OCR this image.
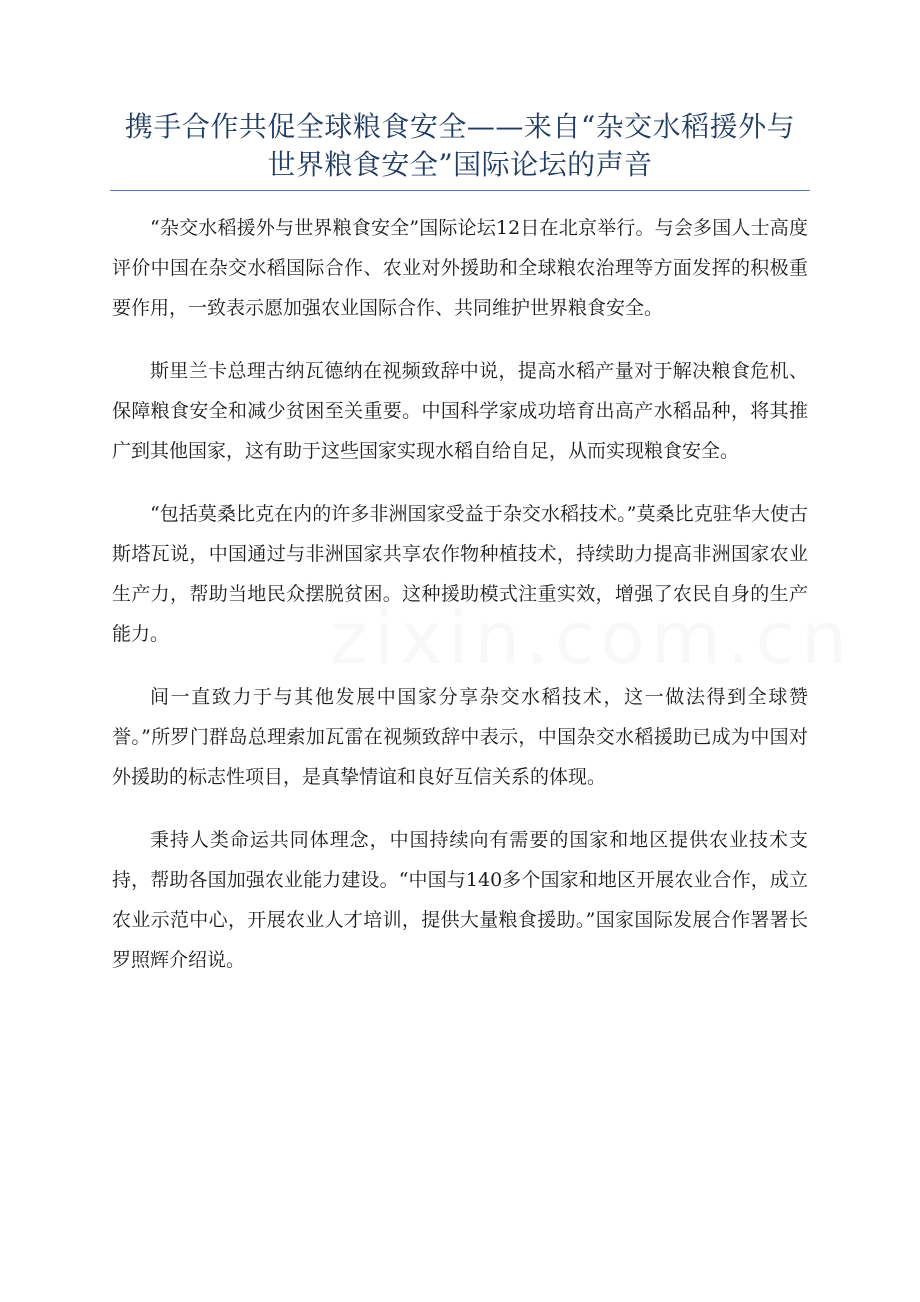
携手合作共促全球粮食安全——来自“杂交水稻援外与
世界粮食安全”国际论坛的声音

“杂交水稻援外与世界粮食安全”国际论坛12日在北京举行。与会多国人士高度评价中国在杂交水稻国际合作、农业对外援助和全球粮农治理等方面发挥的积极重要作用，一致表示愿加强农业国际合作、共同维护世界粮食安全。

斯里兰卡总理古纳瓦德纳在视频致辞中说，提高水稻产量对于解决粮食危机、保障粮食安全和减少贫困至关重要。中国科学家成功培育出高产水稻品种，将其推广到其他国家，这有助于这些国家实现水稻自给自足，从而实现粮食安全。

“包括莫桑比克在内的许多非洲国家受益于杂交水稻技术。”莫桑比克驻华大使古斯塔瓦说，中国通过与非洲国家共享农作物种植技术，持续助力提高非洲国家农业生产力，帮助当地民众摆脱贫困。这种援助模式注重实效，增强了农民自身的生产能力。

间一直致力于与其他发展中国家分享杂交水稻技术，这一做法得到全球赞誉。”所罗门群岛总理索加瓦雷在视频致辞中表示，中国杂交水稻援助已成为中国对外援助的标志性项目，是真挚情谊和良好互信关系的体现。

秉持人类命运共同体理念，中国持续向有需要的国家和地区提供农业技术支持，帮助各国加强农业能力建设。“中国与140多个国家和地区开展农业合作，成立农业示范中心，开展农业人才培训，提供大量粮食援助。”国家国际发展合作署署长罗照辉介绍说。

zixin.com.cn
